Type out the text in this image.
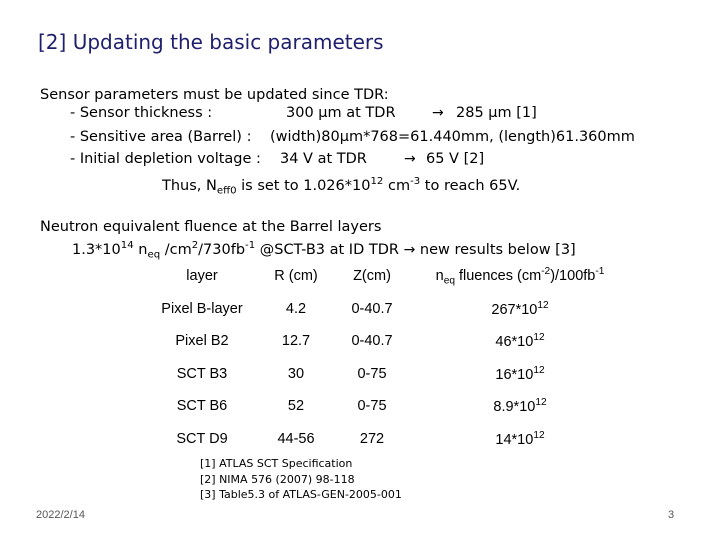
[2] Updating the basic parameters
Sensor parameters must be updated since TDR:
- Sensor thickness :	300 μm at TDR	→ 285 μm [1]
- Sensitive area (Barrel) : (width)80μm*768=61.440mm, (length)61.360mm
- Initial depletion voltage : 34 V at TDR	→ 65 V [2]
Thus, $N_{eff0}$ is set to $1.026*10^{12}$ $cm^{-3}$ to reach 65V.
Neutron equivalent fluence at the Barrel layers
$1.3*10^{14}$ $n_{eq}$ $/cm^2/730fb^{-1}$ @SCT-B3 at ID TDR → new results below [3]
layer	R (cm)	Z(cm)	$n_{eq}$ fluences $(cm^{-2})/100fb^{-1}$
Pixel B-layer	4.2	0-40.7	$267*10^{12}$
Pixel B2	12.7	0-40.7	$46*10^{12}$
SCT B3	30	0-75	$16*10^{12}$
SCT B6	52	0-75	$8.9*10^{12}$
SCT D9	44-56	272	$14*10^{12}$
[1] ATLAS SCT Specification
[2] NIMA 576 (2007) 98-118
[3] Table5.3 of ATLAS-GEN-2005-001
2022/2/14	3
